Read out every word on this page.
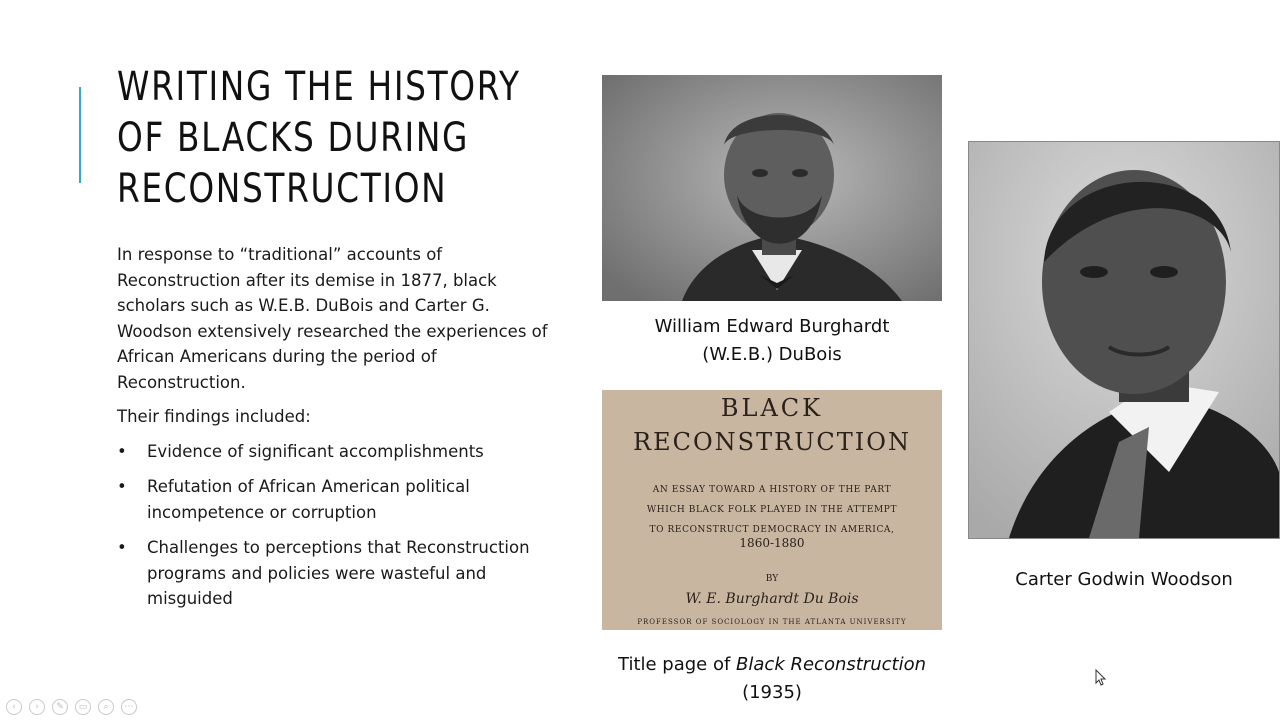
WRITING THE HISTORY OF BLACKS DURING RECONSTRUCTION

In response to “traditional” accounts of Reconstruction after its demise in 1877, black scholars such as W.E.B. DuBois and Carter G. Woodson extensively researched the experiences of African Americans during the period of Reconstruction.

Their findings included:

• Evidence of significant accomplishments
• Refutation of African American political incompetence or corruption
• Challenges to perceptions that Reconstruction programs and policies were wasteful and misguided
William Edward Burghardt
(W.E.B.) DuBois
BLACK
RECONSTRUCTION
AN ESSAY TOWARD A HISTORY OF THE PART
WHICH BLACK FOLK PLAYED IN THE ATTEMPT
TO RECONSTRUCT DEMOCRACY IN AMERICA,
1860-1880
BY
W. E. Burghardt Du Bois
PROFESSOR OF SOCIOLOGY IN THE ATLANTA UNIVERSITY
Title page of Black Reconstruction
(1935)
Carter Godwin Woodson
‹	›	✎	▭	⌕	⋯
